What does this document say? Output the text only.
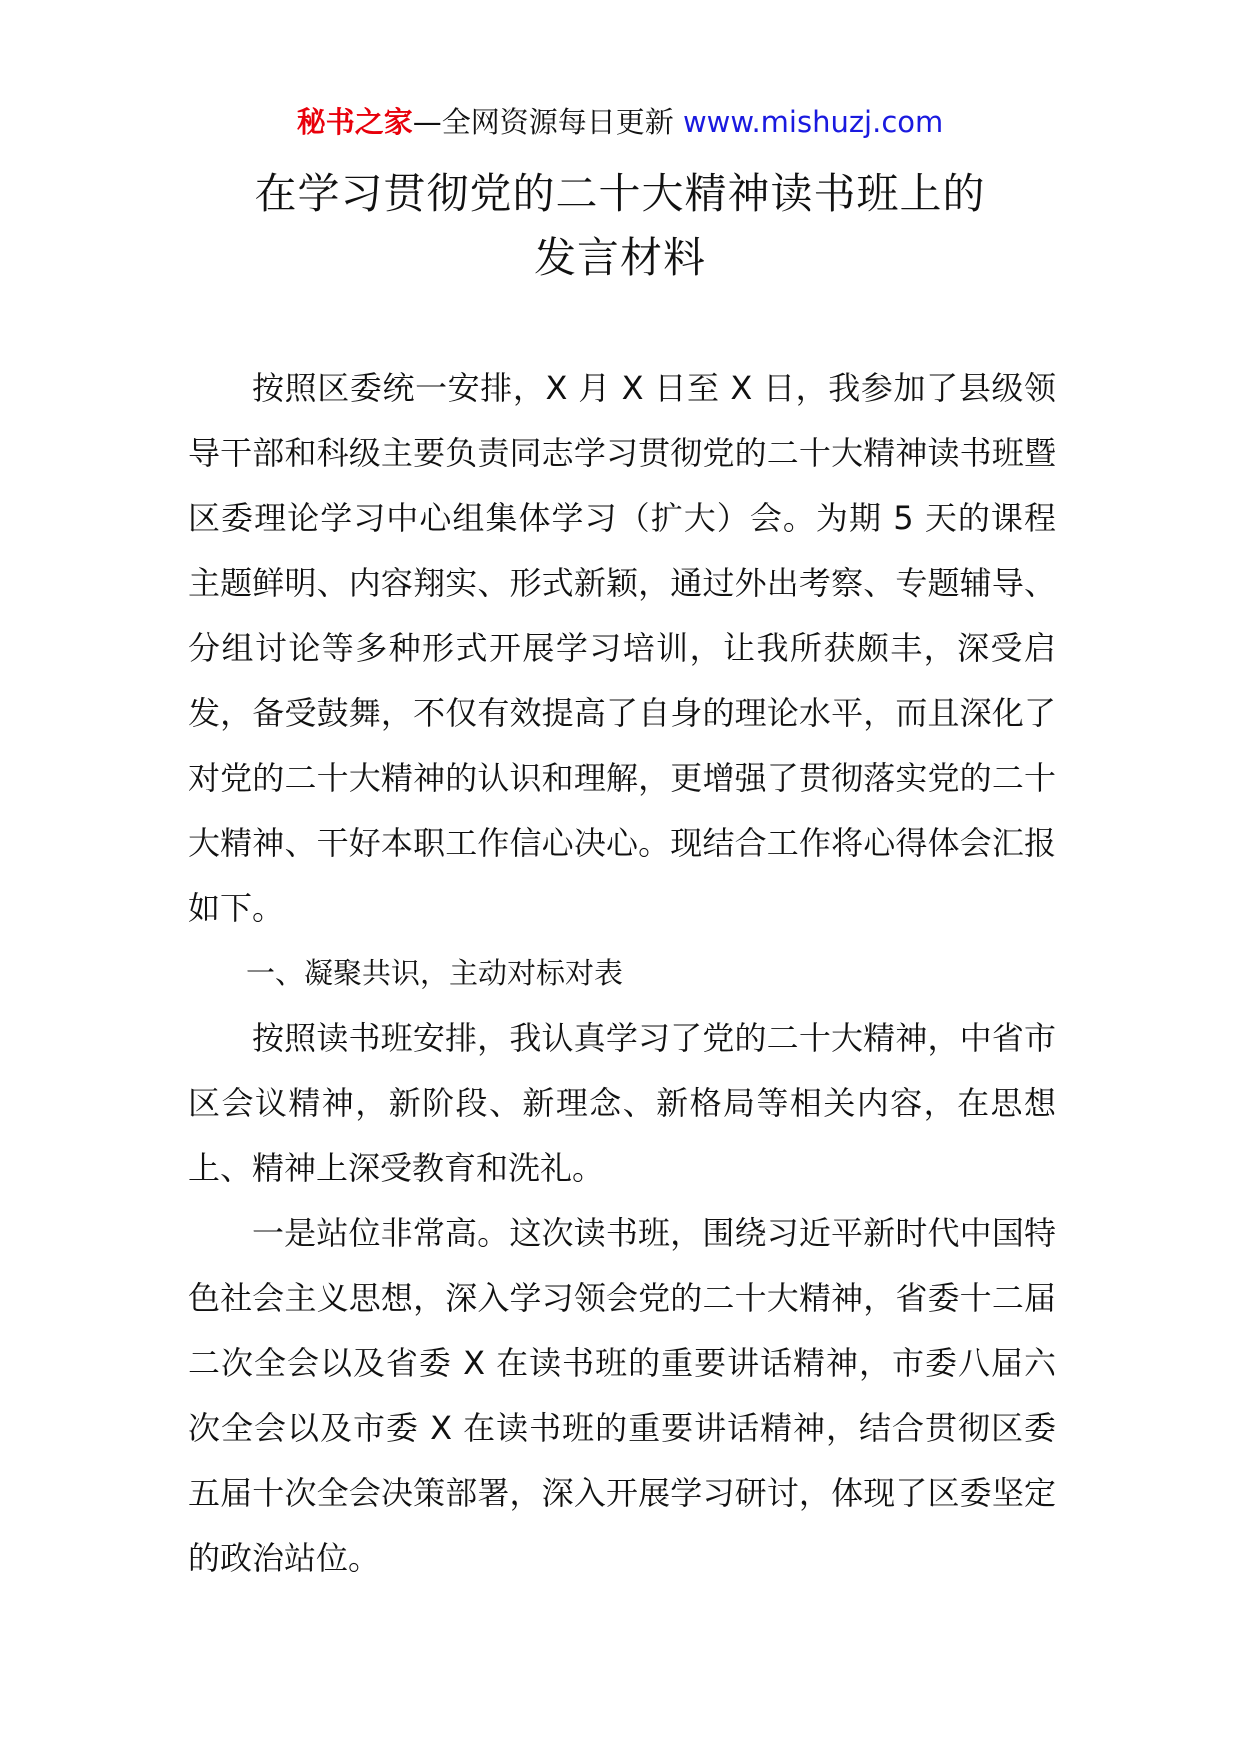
秘书之家—全网资源每日更新 www.mishuzj.com
在学习贯彻党的二十大精神读书班上的
发言材料

按照区委统一安排，X 月 X 日至 X 日，我参加了县级领导干部和科级主要负责同志学习贯彻党的二十大精神读书班暨区委理论学习中心组集体学习（扩大）会。为期 5 天的课程主题鲜明、内容翔实、形式新颖，通过外出考察、专题辅导、分组讨论等多种形式开展学习培训，让我所获颇丰，深受启发，备受鼓舞，不仅有效提高了自身的理论水平，而且深化了对党的二十大精神的认识和理解，更增强了贯彻落实党的二十大精神、干好本职工作信心决心。现结合工作将心得体会汇报如下。

一、凝聚共识，主动对标对表

按照读书班安排，我认真学习了党的二十大精神，中省市区会议精神，新阶段、新理念、新格局等相关内容，在思想上、精神上深受教育和洗礼。

一是站位非常高。这次读书班，围绕习近平新时代中国特色社会主义思想，深入学习领会党的二十大精神，省委十二届二次全会以及省委 X 在读书班的重要讲话精神，市委八届六次全会以及市委 X 在读书班的重要讲话精神，结合贯彻区委五届十次全会决策部署，深入开展学习研讨，体现了区委坚定的政治站位。
